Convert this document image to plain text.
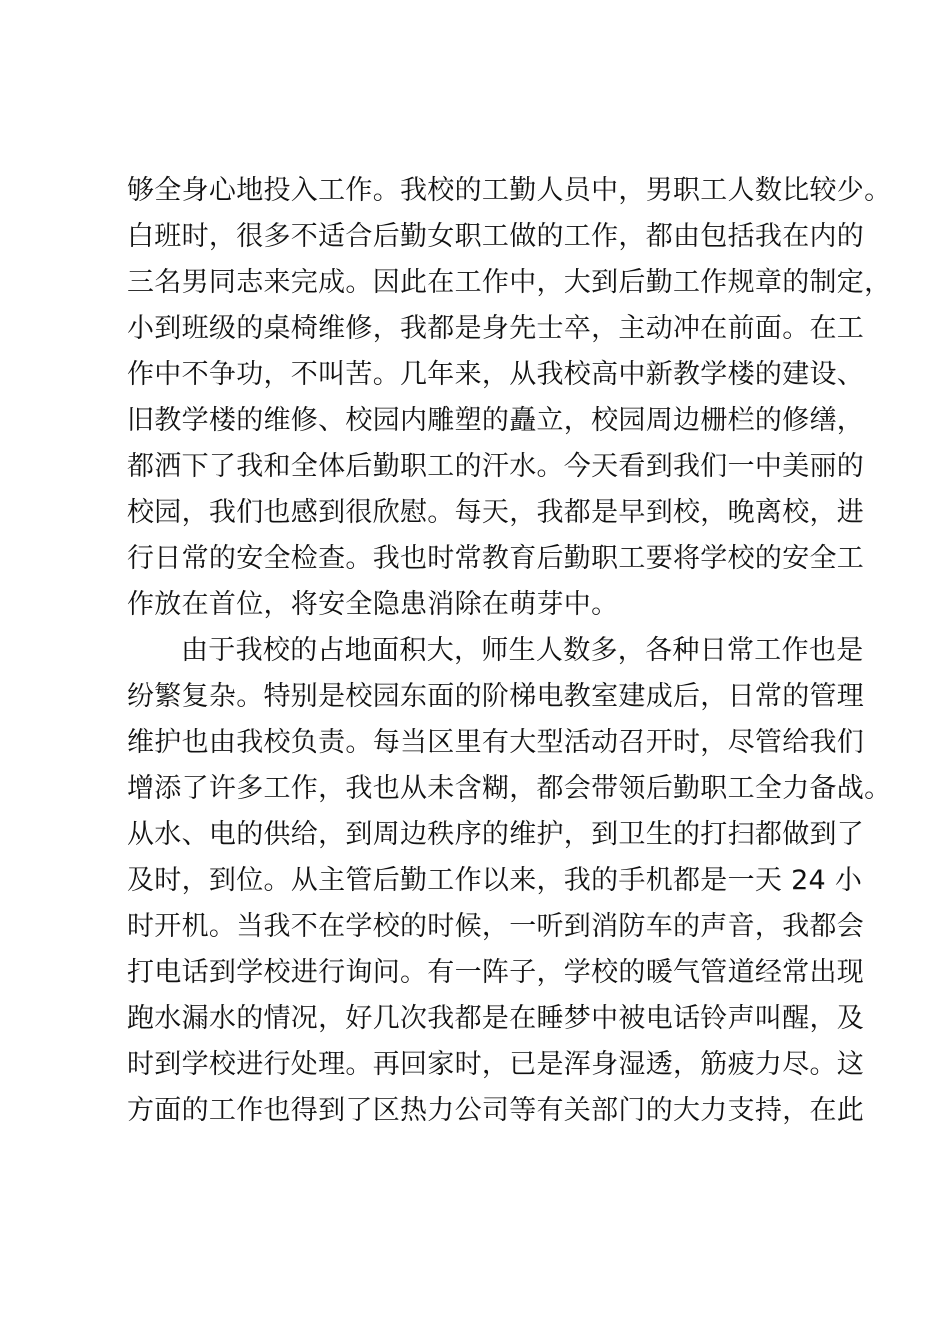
够全身心地投入工作。我校的工勤人员中，男职工人数比较少。
白班时，很多不适合后勤女职工做的工作，都由包括我在内的
三名男同志来完成。因此在工作中，大到后勤工作规章的制定，
小到班级的桌椅维修，我都是身先士卒，主动冲在前面。在工
作中不争功，不叫苦。几年来，从我校高中新教学楼的建设、
旧教学楼的维修、校园内雕塑的矗立，校园周边栅栏的修缮，
都洒下了我和全体后勤职工的汗水。今天看到我们一中美丽的
校园，我们也感到很欣慰。每天，我都是早到校，晚离校，进
行日常的安全检查。我也时常教育后勤职工要将学校的安全工
作放在首位，将安全隐患消除在萌芽中。
由于我校的占地面积大，师生人数多，各种日常工作也是
纷繁复杂。特别是校园东面的阶梯电教室建成后，日常的管理
维护也由我校负责。每当区里有大型活动召开时，尽管给我们
增添了许多工作，我也从未含糊，都会带领后勤职工全力备战。
从水、电的供给，到周边秩序的维护，到卫生的打扫都做到了
及时，到位。从主管后勤工作以来，我的手机都是一天 24 小
时开机。当我不在学校的时候，一听到消防车的声音，我都会
打电话到学校进行询问。有一阵子，学校的暖气管道经常出现
跑水漏水的情况，好几次我都是在睡梦中被电话铃声叫醒，及
时到学校进行处理。再回家时，已是浑身湿透，筋疲力尽。这
方面的工作也得到了区热力公司等有关部门的大力支持，在此
